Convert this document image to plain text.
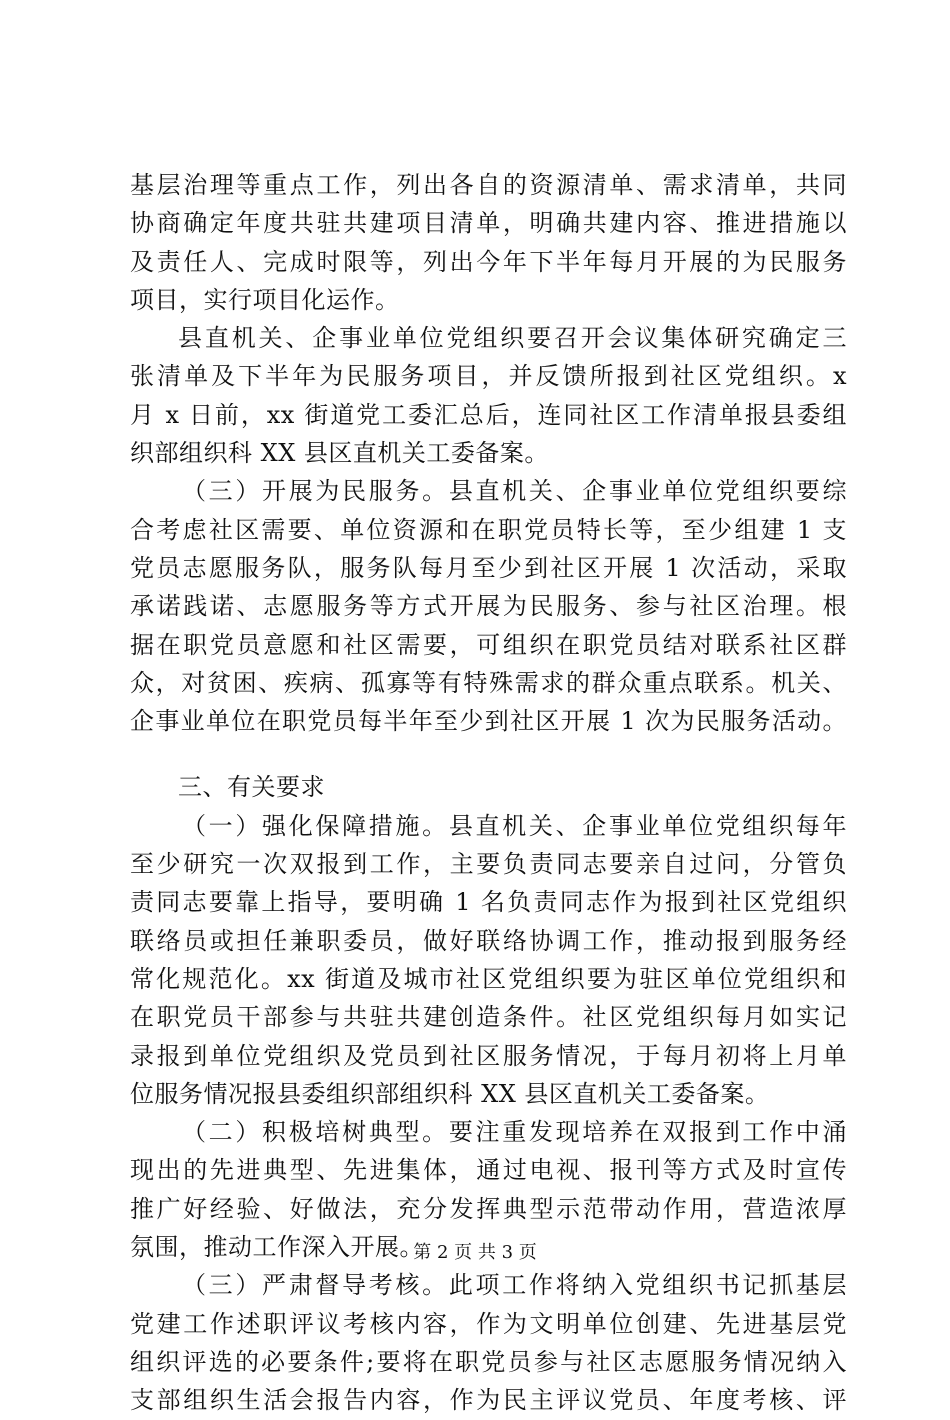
基层治理等重点工作，列出各自的资源清单、需求清单，共同
协商确定年度共驻共建项目清单，明确共建内容、推进措施以
及责任人、完成时限等，列出今年下半年每月开展的为民服务
项目，实行项目化运作。
县直机关、企事业单位党组织要召开会议集体研究确定三
张清单及下半年为民服务项目，并反馈所报到社区党组织。x
月 x 日前，xx 街道党工委汇总后，连同社区工作清单报县委组
织部组织科 XX 县区直机关工委备案。
（三）开展为民服务。县直机关、企事业单位党组织要综
合考虑社区需要、单位资源和在职党员特长等，至少组建 1 支
党员志愿服务队，服务队每月至少到社区开展 1 次活动，采取
承诺践诺、志愿服务等方式开展为民服务、参与社区治理。根
据在职党员意愿和社区需要，可组织在职党员结对联系社区群
众，对贫困、疾病、孤寡等有特殊需求的群众重点联系。机关、
企事业单位在职党员每半年至少到社区开展 1 次为民服务活动。
三、有关要求
（一）强化保障措施。县直机关、企事业单位党组织每年
至少研究一次双报到工作，主要负责同志要亲自过问，分管负
责同志要靠上指导，要明确 1 名负责同志作为报到社区党组织
联络员或担任兼职委员，做好联络协调工作，推动报到服务经
常化规范化。xx 街道及城市社区党组织要为驻区单位党组织和
在职党员干部参与共驻共建创造条件。社区党组织每月如实记
录报到单位党组织及党员到社区服务情况，于每月初将上月单
位服务情况报县委组织部组织科 XX 县区直机关工委备案。
（二）积极培树典型。要注重发现培养在双报到工作中涌
现出的先进典型、先进集体，通过电视、报刊等方式及时宣传
推广好经验、好做法，充分发挥典型示范带动作用，营造浓厚
氛围，推动工作深入开展。
（三）严肃督导考核。此项工作将纳入党组织书记抓基层
党建工作述职评议考核内容，作为文明单位创建、先进基层党
组织评选的必要条件;要将在职党员参与社区志愿服务情况纳入
支部组织生活会报告内容，作为民主评议党员、年度考核、评
第 2 页 共 3 页
